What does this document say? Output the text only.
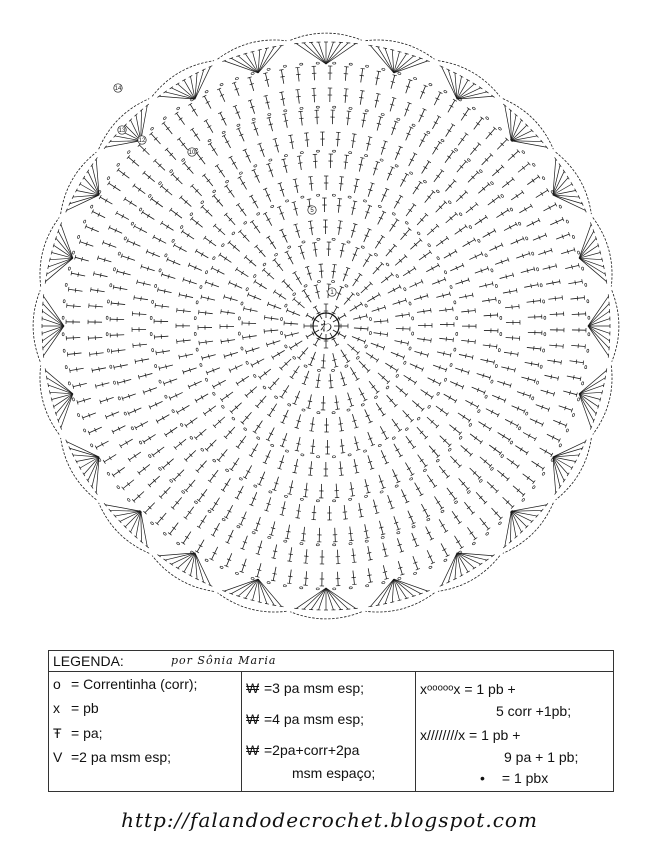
1
5
10
12
13
14
わ
LEGENDA:	por Sônia Maria
o = Correntinha (corr);
x = pb
Ŧ = pa;
V =2 pa msm esp;
₩ =3 pa msm esp;
₩ =4 pa msm esp;
₩ =2pa+corr+2pa
msm espaço;
xᵒᵒᵒᵒᵒx = 1 pb +
5 corr +1pb;
x////////x = 1 pb +
9 pa + 1 pb;
• = 1 pbx
http://falandodecrochet.blogspot.com
